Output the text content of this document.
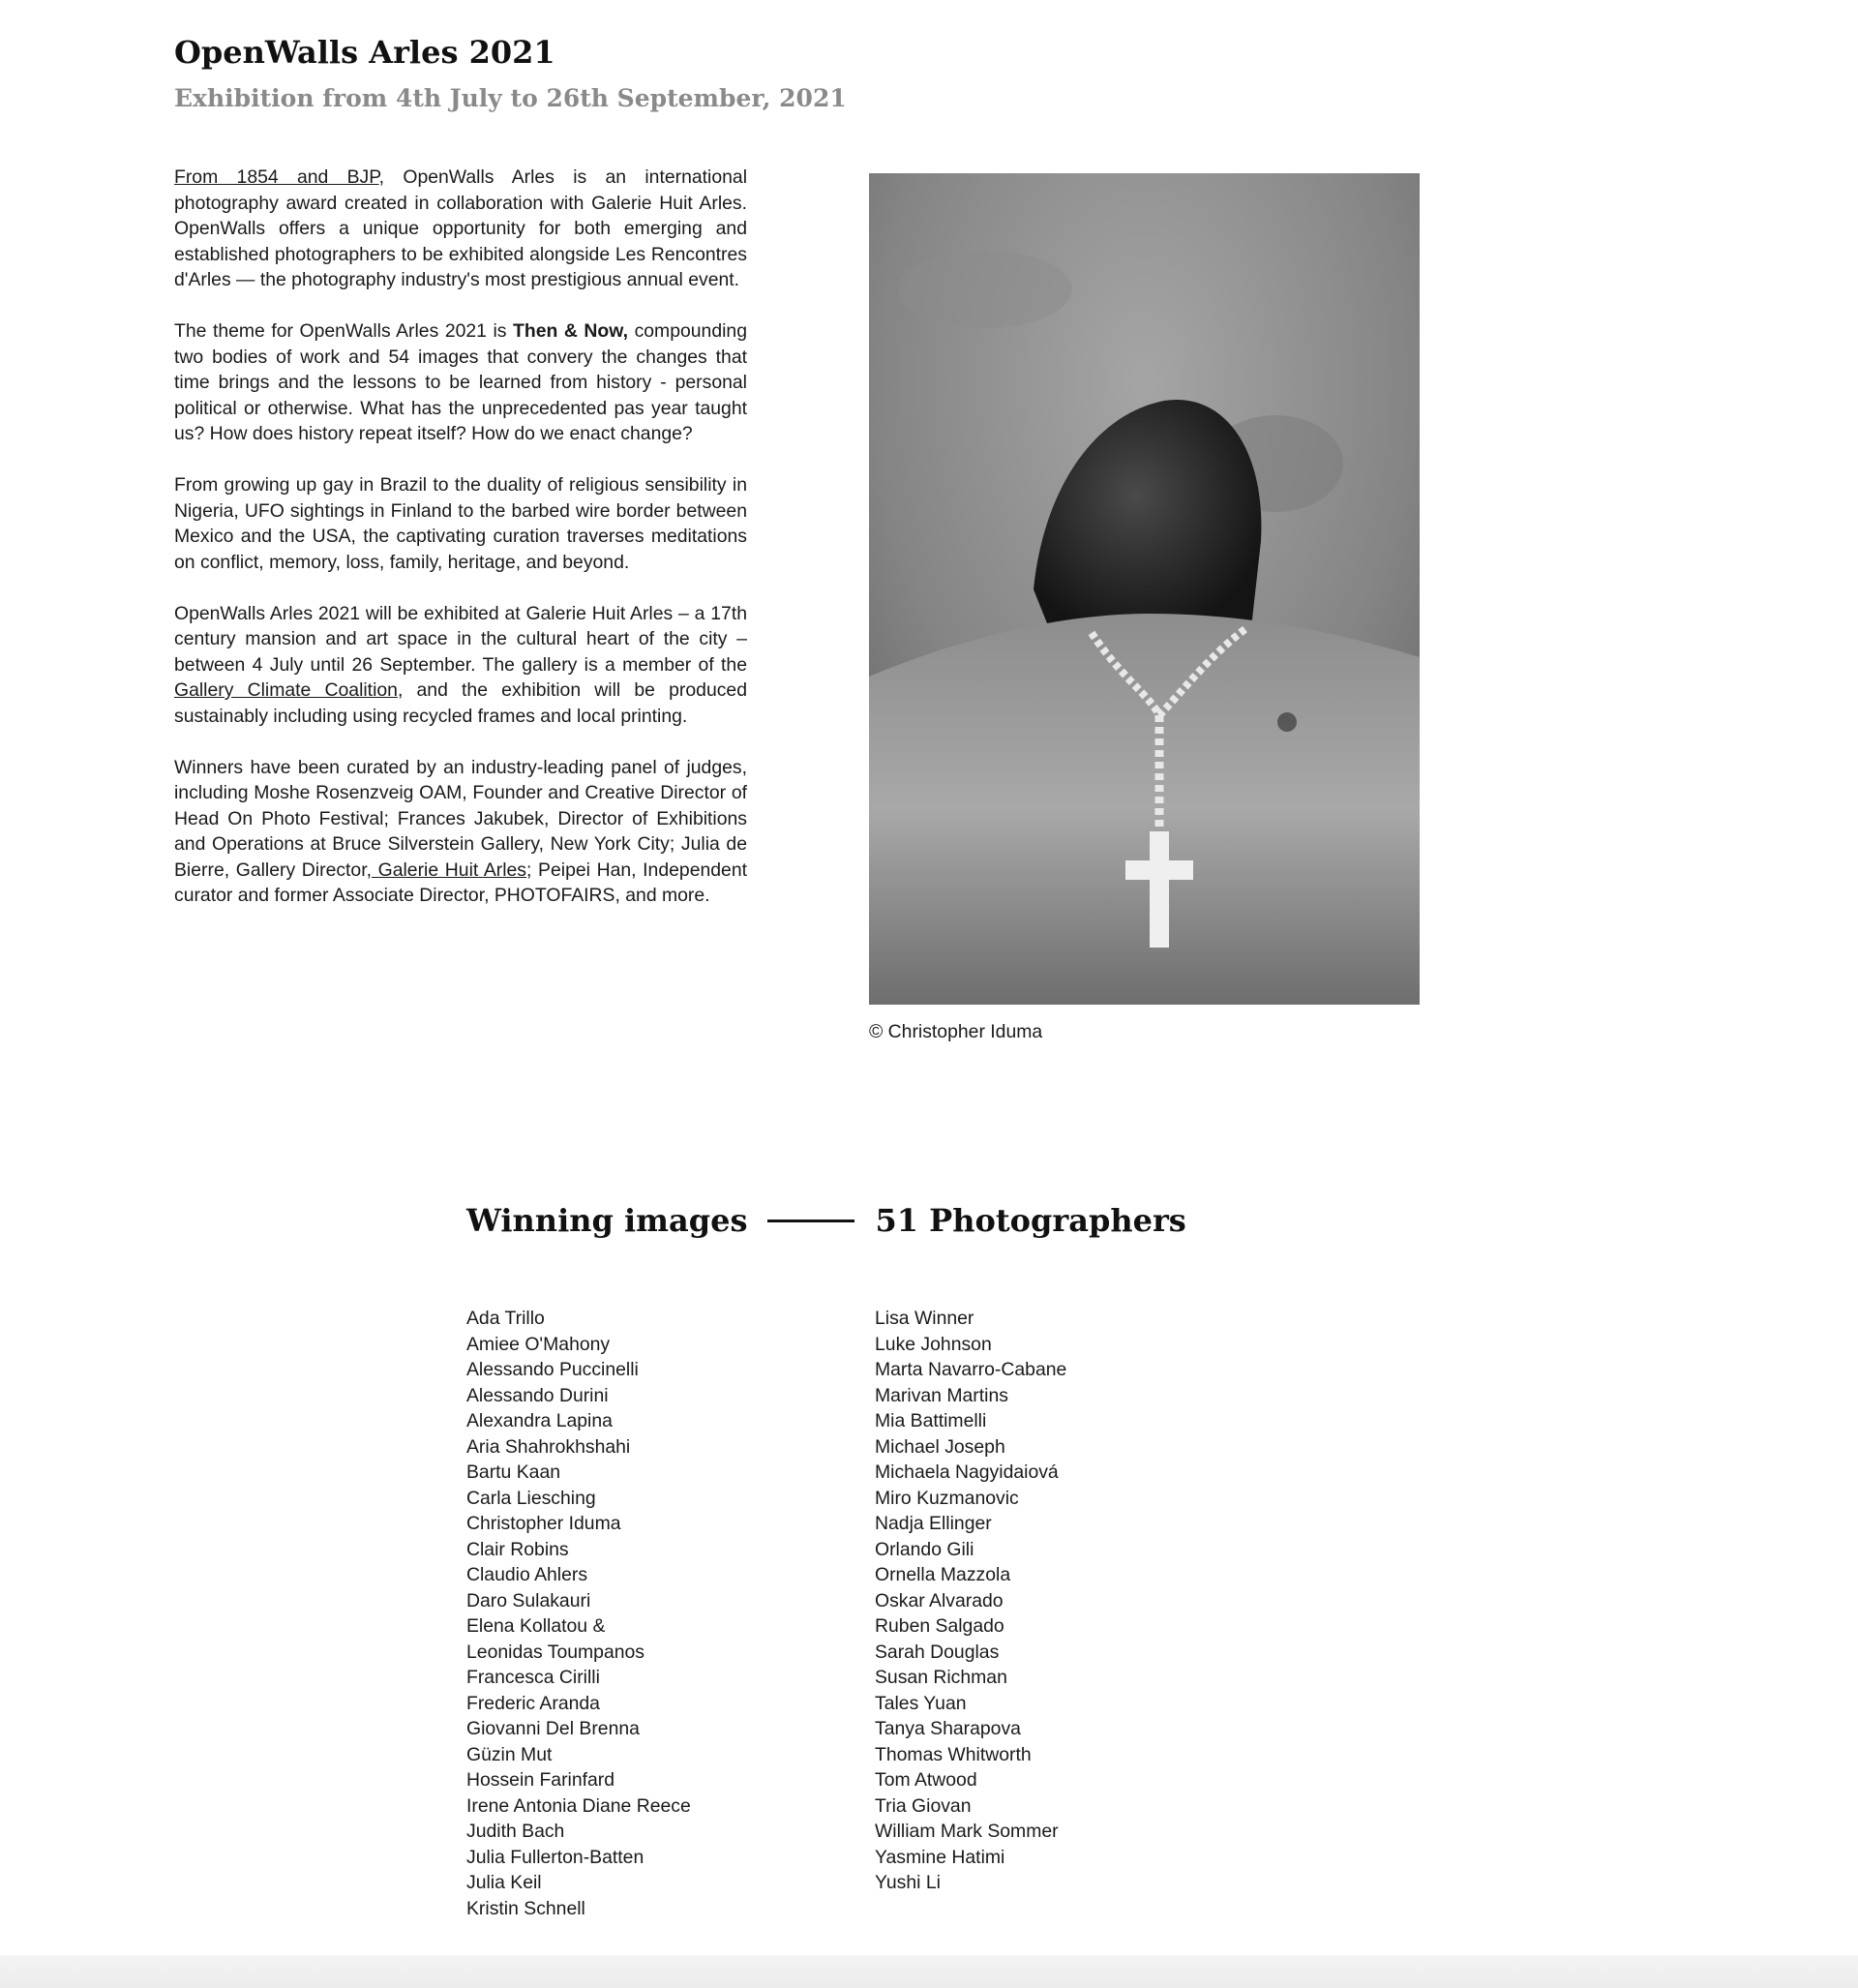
OpenWalls Arles 2021
Exhibition from 4th July to 26th September, 2021

From 1854 and BJP, OpenWalls Arles is an international photography award created in collaboration with Galerie Huit Arles. OpenWalls offers a unique opportunity for both emerging and established photographers to be exhibited alongside Les Rencontres d'Arles — the photography industry's most prestigious annual event.

The theme for OpenWalls Arles 2021 is Then & Now, compounding two bodies of work and 54 images that convery the changes that time brings and the lessons to be learned from history - personal political or otherwise. What has the unprecedented pas year taught us? How does history repeat itself? How do we enact change?

From growing up gay in Brazil to the duality of religious sensibility in Nigeria, UFO sightings in Finland to the barbed wire border between Mexico and the USA, the captivating curation traverses meditations on conflict, memory, loss, family, heritage, and beyond.

OpenWalls Arles 2021 will be exhibited at Galerie Huit Arles – a 17th century mansion and art space in the cultural heart of the city – between 4 July until 26 September. The gallery is a member of the Gallery Climate Coalition, and the exhibition will be produced sustainably including using recycled frames and local printing.

Winners have been curated by an industry-leading panel of judges, including Moshe Rosenzveig OAM, Founder and Creative Director of Head On Photo Festival; Frances Jakubek, Director of Exhibitions and Operations at Bruce Silverstein Gallery, New York City; Julia de Bierre, Gallery Director, Galerie Huit Arles; Peipei Han, Independent curator and former Associate Director, PHOTOFAIRS, and more.

© Christopher Iduma
Winning images	51 Photographers
Ada Trillo
Amiee O'Mahony
Alessando Puccinelli
Alessando Durini
Alexandra Lapina
Aria Shahrokhshahi
Bartu Kaan
Carla Liesching
Christopher Iduma
Clair Robins
Claudio Ahlers
Daro Sulakauri
Elena Kollatou &
Leonidas Toumpanos
Francesca Cirilli
Frederic Aranda
Giovanni Del Brenna
Güzin Mut
Hossein Farinfard
Irene Antonia Diane Reece
Judith Bach
Julia Fullerton-Batten
Julia Keil
Kristin Schnell
Lisa Winner
Luke Johnson
Marta Navarro-Cabane
Marivan Martins
Mia Battimelli
Michael Joseph
Michaela Nagyidaiová
Miro Kuzmanovic
Nadja Ellinger
Orlando Gili
Ornella Mazzola
Oskar Alvarado
Ruben Salgado
Sarah Douglas
Susan Richman
Tales Yuan
Tanya Sharapova
Thomas Whitworth
Tom Atwood
Tria Giovan
William Mark Sommer
Yasmine Hatimi
Yushi Li
